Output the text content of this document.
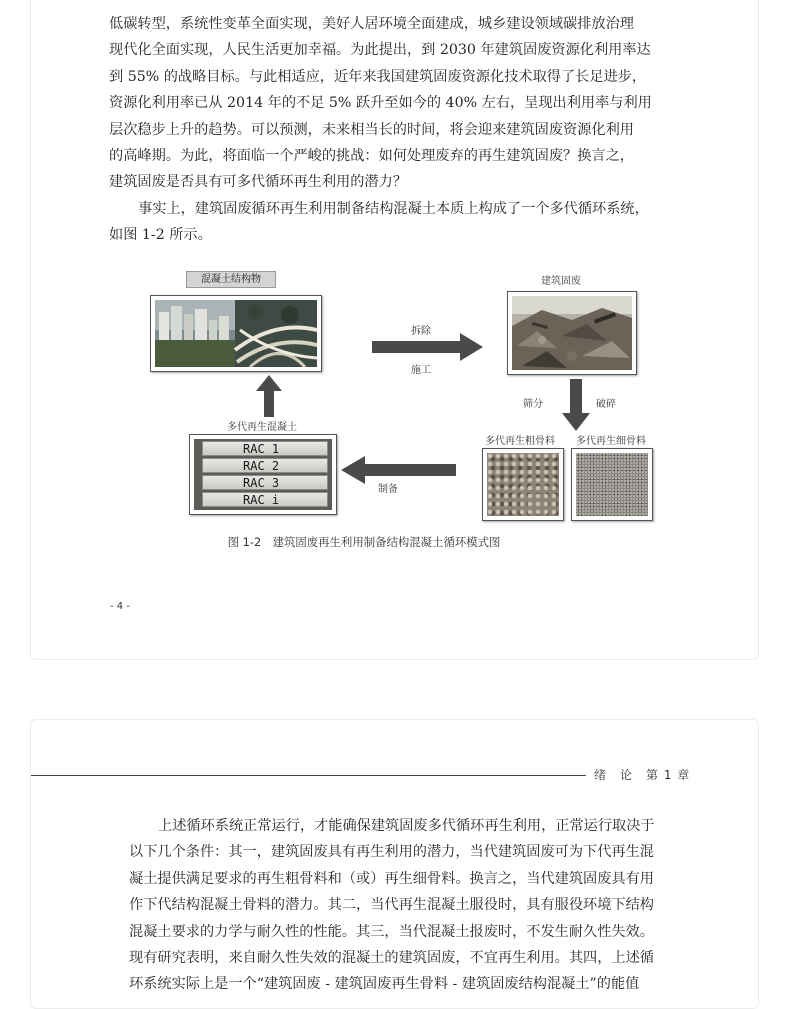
低碳转型，系统性变革全面实现，美好人居环境全面建成，城乡建设领域碳排放治理
现代化全面实现，人民生活更加幸福。为此提出，到 2030 年建筑固废资源化利用率达
到 55% 的战略目标。与此相适应，近年来我国建筑固废资源化技术取得了长足进步，
资源化利用率已从 2014 年的不足 5% 跃升至如今的 40% 左右，呈现出利用率与利用
层次稳步上升的趋势。可以预测，未来相当长的时间，将会迎来建筑固废资源化利用
的高峰期。为此，将面临一个严峻的挑战：如何处理废弃的再生建筑固废？换言之，
建筑固废是否具有可多代循环再生利用的潜力？

事实上，建筑固废循环再生利用制备结构混凝土本质上构成了一个多代循环系统，
如图 1-2 所示。

混凝土结构物
拆除
施工
建筑固废
筛分	破碎
多代再生粗骨料 多代再生细骨料
制备
多代再生混凝土
RAC 1
RAC 2
RAC 3
RAC i
图 1-2　建筑固废再生利用制备结构混凝土循环模式图
- 4 -
绪　论　第 1 章

上述循环系统正常运行，才能确保建筑固废多代循环再生利用，正常运行取决于
以下几个条件：其一，建筑固废具有再生利用的潜力，当代建筑固废可为下代再生混
凝土提供满足要求的再生粗骨料和（或）再生细骨料。换言之，当代建筑固废具有用
作下代结构混凝土骨料的潜力。其二，当代再生混凝土服役时，具有服役环境下结构
混凝土要求的力学与耐久性的性能。其三，当代混凝土报废时，不发生耐久性失效。
现有研究表明，来自耐久性失效的混凝土的建筑固废，不宜再生利用。其四，上述循
环系统实际上是一个“建筑固废 - 建筑固废再生骨料 - 建筑固废结构混凝土”的能值
